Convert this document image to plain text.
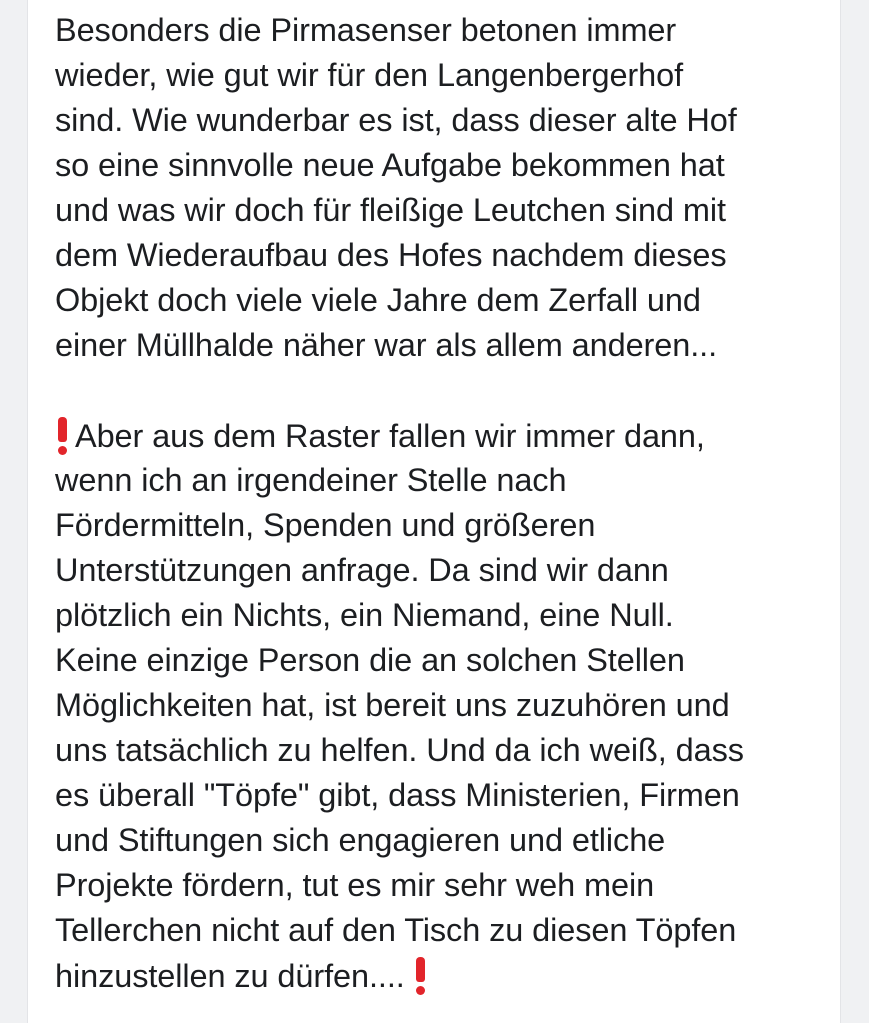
Besonders die Pirmasenser betonen immer
wieder, wie gut wir für den Langenbergerhof
sind. Wie wunderbar es ist, dass dieser alte Hof
so eine sinnvolle neue Aufgabe bekommen hat
und was wir doch für fleißige Leutchen sind mit
dem Wiederaufbau des Hofes nachdem dieses
Objekt doch viele viele Jahre dem Zerfall und
einer Müllhalde näher war als allem anderen...
Aber aus dem Raster fallen wir immer dann,
wenn ich an irgendeiner Stelle nach
Fördermitteln, Spenden und größeren
Unterstützungen anfrage. Da sind wir dann
plötzlich ein Nichts, ein Niemand, eine Null.
Keine einzige Person die an solchen Stellen
Möglichkeiten hat, ist bereit uns zuzuhören und
uns tatsächlich zu helfen. Und da ich weiß, dass
es überall "Töpfe" gibt, dass Ministerien, Firmen
und Stiftungen sich engagieren und etliche
Projekte fördern, tut es mir sehr weh mein
Tellerchen nicht auf den Tisch zu diesen Töpfen
hinzustellen zu dürfen....
